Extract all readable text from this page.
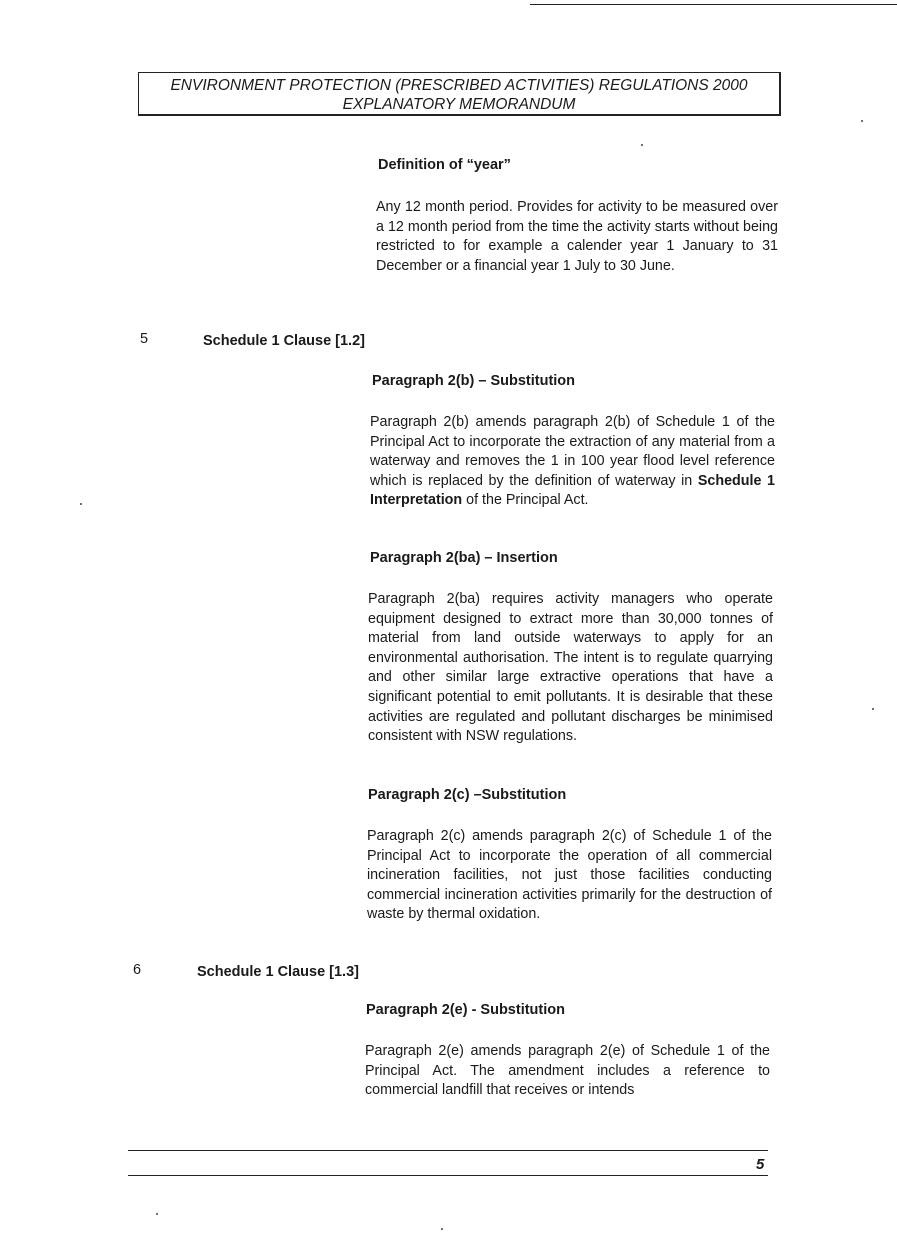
ENVIRONMENT PROTECTION (PRESCRIBED ACTIVITIES) REGULATIONS 2000
EXPLANATORY MEMORANDUM
Definition of “year”
Any 12 month period. Provides for activity to be measured over a 12 month period from the time the activity starts without being restricted to for example a calender year 1 January to 31 December or a financial year 1 July to 30 June.
5	Schedule 1 Clause [1.2]
Paragraph 2(b) – Substitution
Paragraph 2(b) amends paragraph 2(b) of Schedule 1 of the Principal Act to incorporate the extraction of any material from a waterway and removes the 1 in 100 year flood level reference which is replaced by the definition of waterway in Schedule 1 Interpretation of the Principal Act.
Paragraph 2(ba) – Insertion
Paragraph 2(ba) requires activity managers who operate equipment designed to extract more than 30,000 tonnes of material from land outside waterways to apply for an environmental authorisation. The intent is to regulate quarrying and other similar large extractive operations that have a significant potential to emit pollutants. It is desirable that these activities are regulated and pollutant discharges be minimised consistent with NSW regulations.
Paragraph 2(c) –Substitution
Paragraph 2(c) amends paragraph 2(c) of Schedule 1 of the Principal Act to incorporate the operation of all commercial incineration facilities, not just those facilities conducting commercial incineration activities primarily for the destruction of waste by thermal oxidation.
6	Schedule 1 Clause [1.3]
Paragraph 2(e) - Substitution
Paragraph 2(e) amends paragraph 2(e) of Schedule 1 of the Principal Act. The amendment includes a reference to commercial landfill that receives or intends
5
